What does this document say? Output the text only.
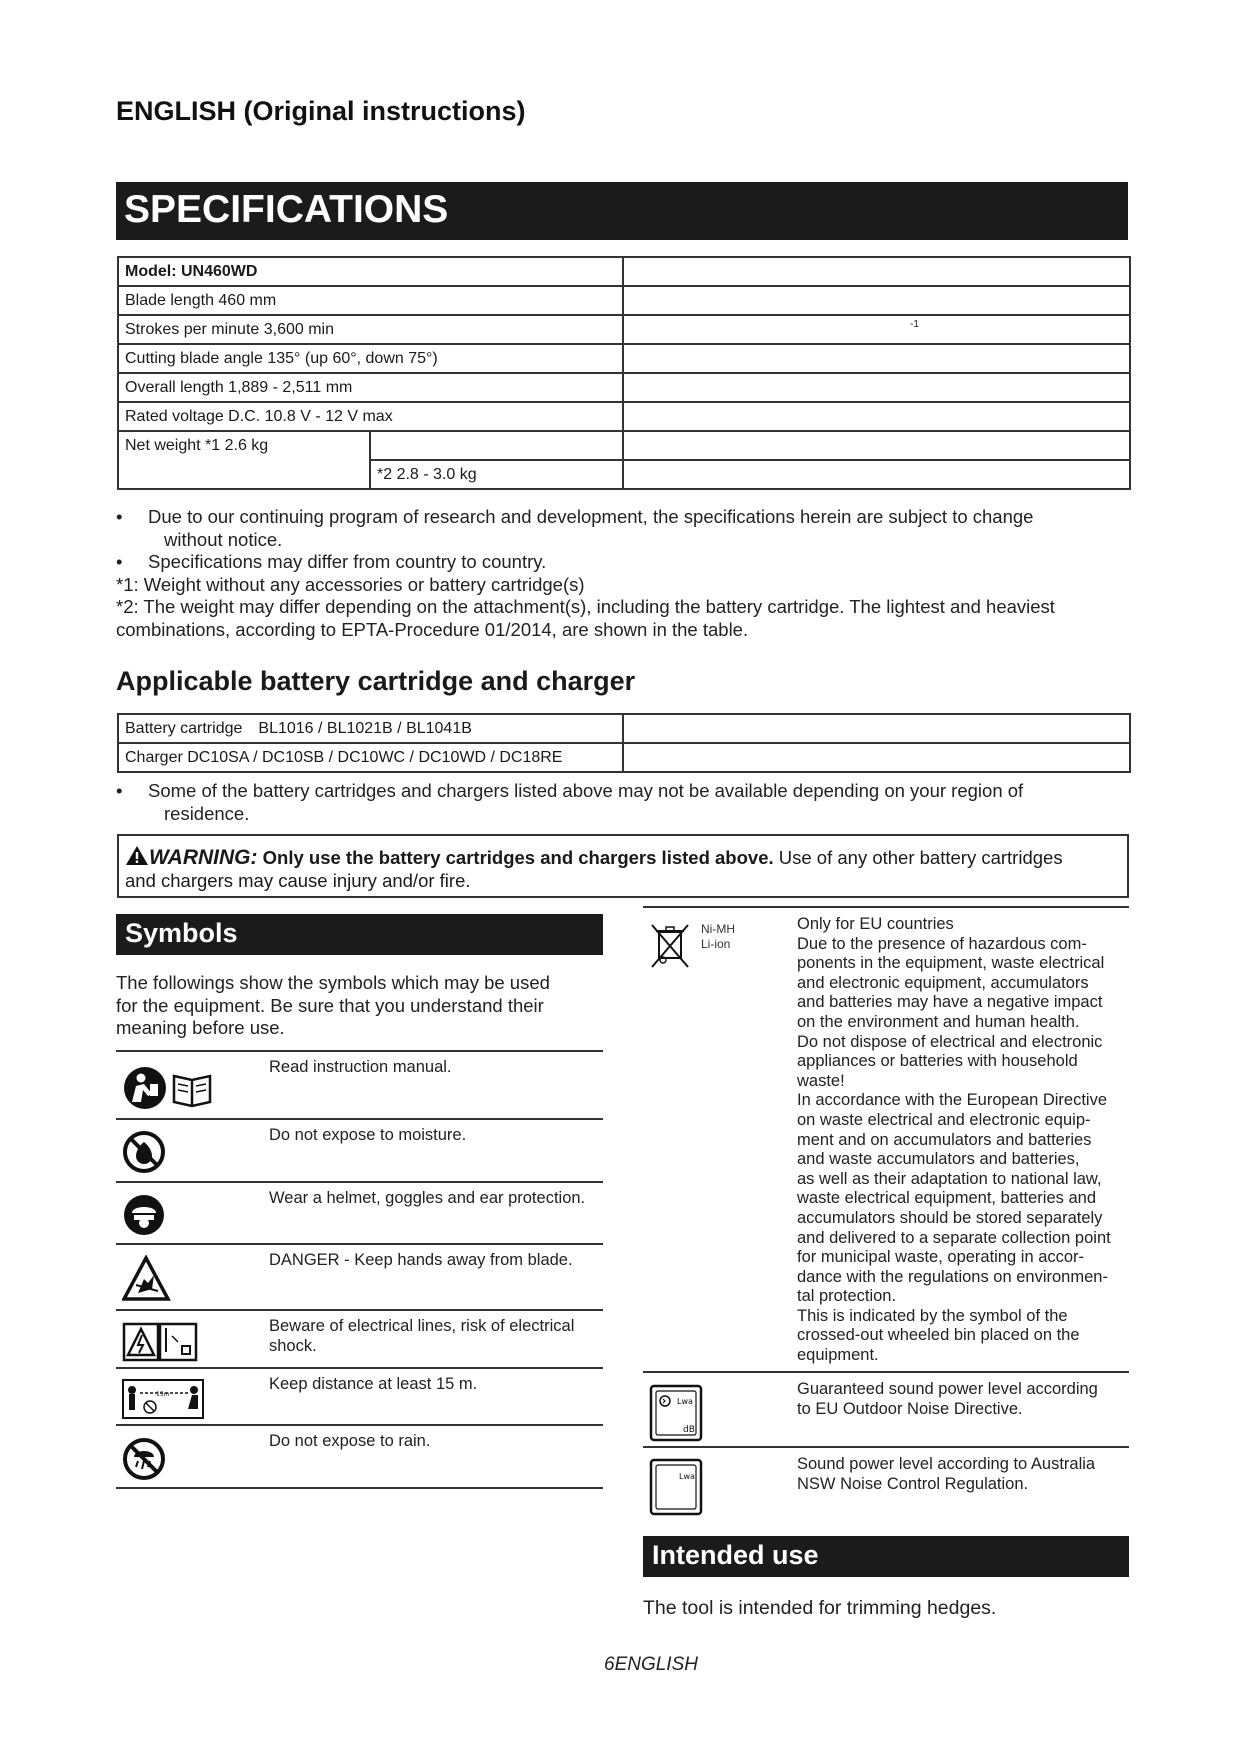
ENGLISH (Original instructions)
SPECIFICATIONS
Model: UN460WD		
Blade length 460 mm		
Strokes per minute 3,600 min		-1
Cutting blade angle 135° (up 60°, down 75°)		
Overall length 1,889 - 2,511 mm		
Rated voltage D.C. 10.8 V - 12 V max		
Net weight *1 2.6 kg		
	*2 2.8 - 3.0 kg	
• Due to our continuing program of research and development, the specifications herein are subject to change
without notice.
• Specifications may differ from country to country.
*1: Weight without any accessories or battery cartridge(s)
*2: The weight may differ depending on the attachment(s), including the battery cartridge. The lightest and heaviest
combinations, according to EPTA-Procedure 01/2014, are shown in the table.
Applicable battery cartridge and charger
Battery cartridge BL1016 / BL1021B / BL1041B	
Charger DC10SA / DC10SB / DC10WC / DC10WD / DC18RE	
• Some of the battery cartridges and chargers listed above may not be available depending on your region of
residence.
WARNING: Only use the battery cartridges and chargers listed above. Use of any other battery cartridges
and chargers may cause injury and/or fire.
Symbols
The followings show the symbols which may be used
for the equipment. Be sure that you understand their
meaning before use.
Read instruction manual.
Do not expose to moisture.
Wear a helmet, goggles and ear protection.
DANGER - Keep hands away from blade.
Beware of electrical lines, risk of electrical
shock.
15m
Keep distance at least 15 m.
Do not expose to rain.
Ni-MH
Li-ion
Only for EU countries
Due to the presence of hazardous com-
ponents in the equipment, waste electrical
and electronic equipment, accumulators
and batteries may have a negative impact
on the environment and human health.
Do not dispose of electrical and electronic
appliances or batteries with household
waste!
In accordance with the European Directive
on waste electrical and electronic equip-
ment and on accumulators and batteries
and waste accumulators and batteries,
as well as their adaptation to national law,
waste electrical equipment, batteries and
accumulators should be stored separately
and delivered to a separate collection point
for municipal waste, operating in accor-
dance with the regulations on environmen-
tal protection.
This is indicated by the symbol of the
crossed-out wheeled bin placed on the
equipment.
Lwa
dB
Guaranteed sound power level according
to EU Outdoor Noise Directive.
Lwa
Sound power level according to Australia
NSW Noise Control Regulation.
Intended use
The tool is intended for trimming hedges.
6ENGLISH
